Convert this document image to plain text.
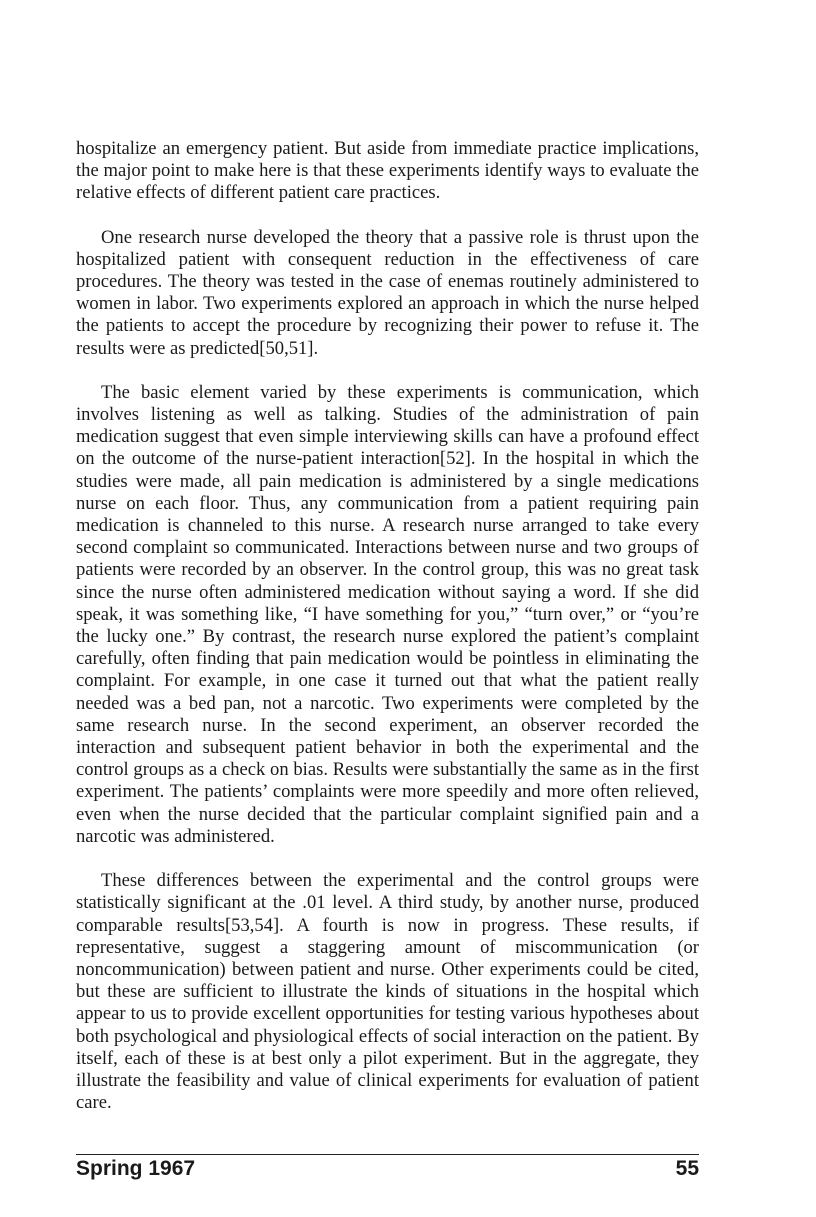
hospitalize an emergency patient. But aside from immediate practice implications, the major point to make here is that these experiments identify ways to evaluate the relative effects of different patient care practices.

One research nurse developed the theory that a passive role is thrust upon the hospitalized patient with consequent reduction in the effectiveness of care procedures. The theory was tested in the case of enemas routinely administered to women in labor. Two experiments explored an approach in which the nurse helped the patients to accept the procedure by recognizing their power to refuse it. The results were as predicted[50,51].

The basic element varied by these experiments is communication, which involves listening as well as talking. Studies of the administration of pain medication suggest that even simple interviewing skills can have a profound effect on the outcome of the nurse-patient interaction[52]. In the hospital in which the studies were made, all pain medication is administered by a single medications nurse on each floor. Thus, any communication from a patient requiring pain medication is channeled to this nurse. A research nurse arranged to take every second complaint so communicated. Interactions between nurse and two groups of patients were recorded by an observer. In the control group, this was no great task since the nurse often administered medication without saying a word. If she did speak, it was something like, “I have something for you,” “turn over,” or “you’re the lucky one.” By contrast, the research nurse explored the patient’s complaint carefully, often finding that pain medication would be pointless in eliminating the complaint. For example, in one case it turned out that what the patient really needed was a bed pan, not a narcotic. Two experiments were completed by the same research nurse. In the second experiment, an observer recorded the interaction and subsequent patient behavior in both the experimental and the control groups as a check on bias. Results were substantially the same as in the first experiment. The patients’ complaints were more speedily and more often relieved, even when the nurse decided that the particular complaint signified pain and a narcotic was administered.

These differences between the experimental and the control groups were statistically significant at the .01 level. A third study, by another nurse, produced comparable results[53,54]. A fourth is now in progress. These results, if representative, suggest a staggering amount of miscommunication (or noncommunication) between patient and nurse. Other experiments could be cited, but these are sufficient to illustrate the kinds of situations in the hospital which appear to us to provide excellent opportunities for testing various hypotheses about both psychological and physiological effects of social interaction on the patient. By itself, each of these is at best only a pilot experiment. But in the aggregate, they illustrate the feasibility and value of clinical experiments for evaluation of patient care.

Spring 1967	55
